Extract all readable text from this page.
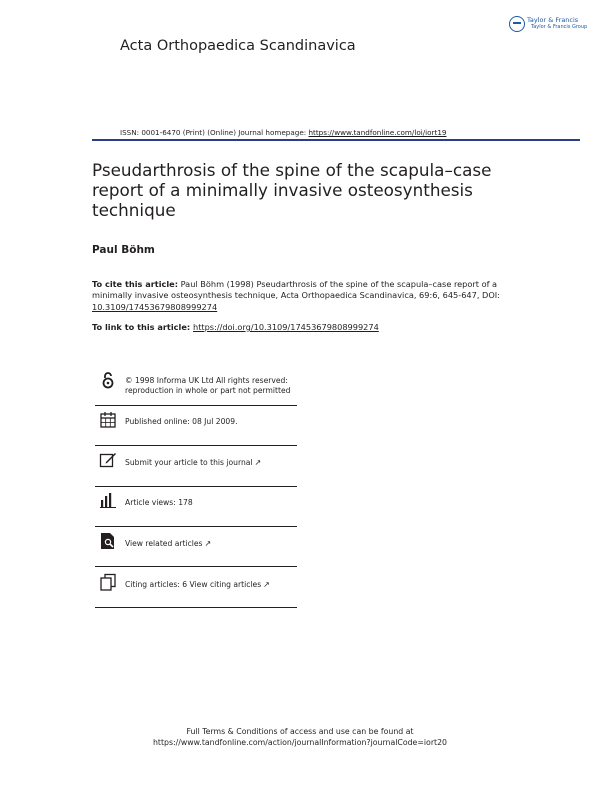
Acta Orthopaedica Scandinavica
Taylor & Francis
Taylor & Francis Group
ISSN: 0001-6470 (Print) (Online) Journal homepage: https://www.tandfonline.com/loi/iort19
Pseudarthrosis of the spine of the scapula–case report of a minimally invasive osteosynthesis technique
Paul Böhm
To cite this article: Paul Böhm (1998) Pseudarthrosis of the spine of the scapula–case report of a minimally invasive osteosynthesis technique, Acta Orthopaedica Scandinavica, 69:6, 645-647, DOI: 10.3109/17453679808999274
To link to this article: https://doi.org/10.3109/17453679808999274
© 1998 Informa UK Ltd All rights reserved:
reproduction in whole or part not permitted
Published online: 08 Jul 2009.
Submit your article to this journal ↗
Article views: 178
View related articles ↗
Citing articles: 6 View citing articles ↗
Full Terms & Conditions of access and use can be found at
https://www.tandfonline.com/action/journalInformation?journalCode=iort20
